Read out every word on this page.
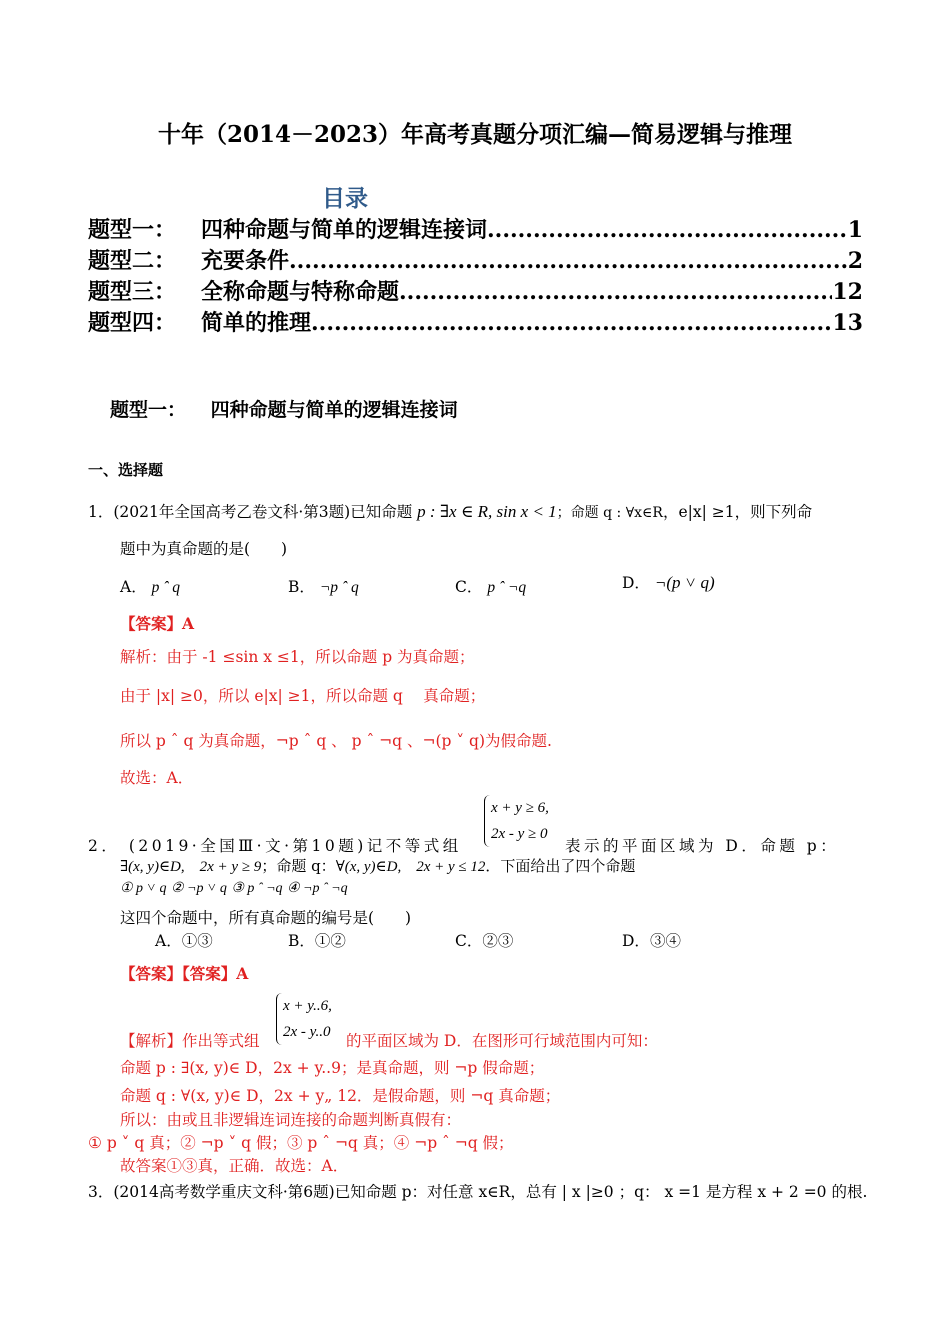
十年（2014－2023）年高考真题分项汇编—简易逻辑与推理
目录
题型一：	四种命题与简单的逻辑连接词 .....	1
题型二：	充要条件 .....	2
题型三：	全称命题与特称命题 .....	12
题型四：	简单的推理 .....	13
题型一： 四种命题与简单的逻辑连接词
一、选择题
1．(2021年全国高考乙卷文科·第3题)已知命题 p : ∃x ∈ R, sin x < 1；命题 q : ∀x∈R，e|x| ≥1，则下列命
题中为真命题的是(　　)
A． p ˆ q	B． ¬p ˆ q	C． p ˆ ¬q	D． ¬(p ˅ q)
【答案】A
解析：由于 -1 ≤sin x ≤1，所以命题 p 为真命题；
由于 |x| ≥0，所以 e|x| ≥1，所以命题 q　 真命题；
所以 p ˆ q 为真命题，¬p ˆ q 、 p ˆ ¬q 、¬(p ˅ q)为假命题.
故选：A．
x + y ≥ 6,
2x - y ≥ 0
2． (2019·全国Ⅲ·文·第10题)记不等式组	表示的平面区域为 D．命题 p：
∃(x, y)∈D,　2x + y ≥ 9；命题 q：∀(x, y)∈D,　2x + y ≤ 12．下面给出了四个命题
① p ˅ q ② ¬p ˅ q ③ p ˆ ¬q ④ ¬p ˆ ¬q
这四个命题中，所有真命题的编号是(　　)
A．①③	B．①②	C．②③	D．③④
【答案】【答案】A
x + y..6,
2x - y..0
【解析】作出等式组	的平面区域为 D．在图形可行域范围内可知：
命题 p : ∃(x, y)∈ D，2x + y..9；是真命题，则 ¬p 假命题；
命题 q : ∀(x, y)∈ D，2x + y„ 12．是假命题，则 ¬q 真命题；
所以：由或且非逻辑连词连接的命题判断真假有：
① p ˅ q 真；② ¬p ˅ q 假；③ p ˆ ¬q 真；④ ¬p ˆ ¬q 假；
故答案①③真，正确．故选：A．
3．(2014高考数学重庆文科·第6题)已知命题 p：对任意 x∈R，总有 | x |≥0 ；q： x =1 是方程 x + 2 =0 的根.
